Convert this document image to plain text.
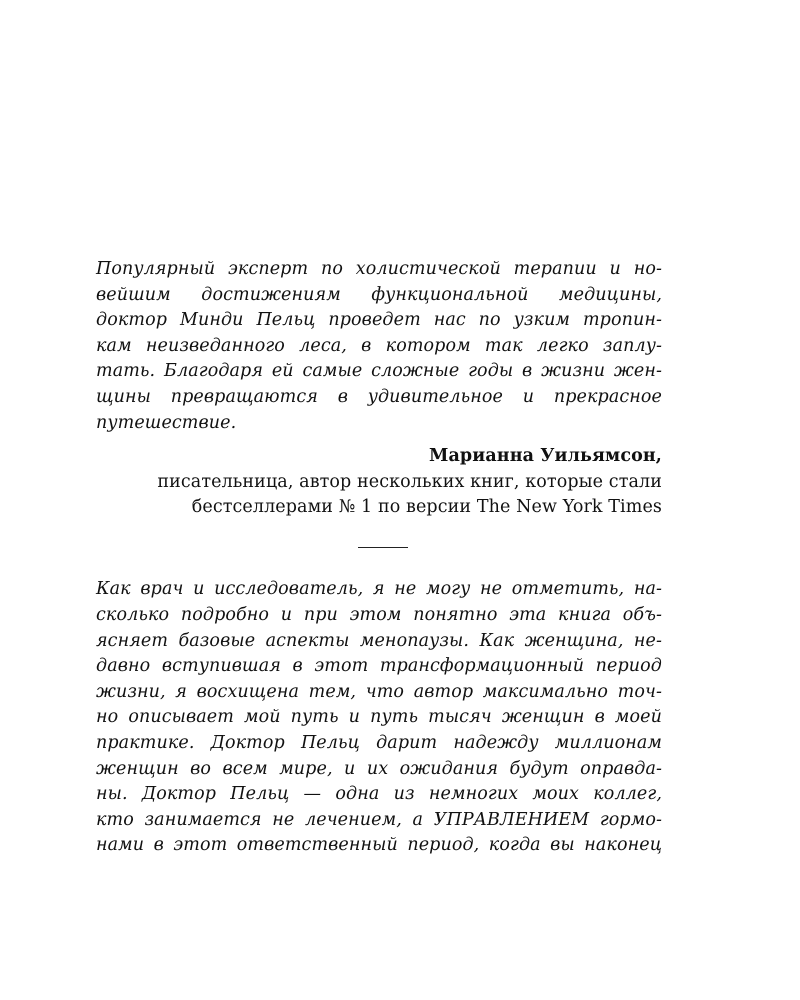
Популярный эксперт по холистической терапии и но-
вейшим достижениям функциональной медицины,
доктор Минди Пельц проведет нас по узким тропин-
кам неизведанного леса, в котором так легко заплу-
тать. Благодаря ей самые сложные годы в жизни жен-
щины превращаются в удивительное и прекрасное
путешествие.
Марианна Уильямсон,
писательница, автор нескольких книг, которые стали
бестселлерами № 1 по версии The New York Times
Как врач и исследователь, я не могу не отметить, на-
сколько подробно и при этом понятно эта книга объ-
ясняет базовые аспекты менопаузы. Как женщина, не-
давно вступившая в этот трансформационный период
жизни, я восхищена тем, что автор максимально точ-
но описывает мой путь и путь тысяч женщин в моей
практике. Доктор Пельц дарит надежду миллионам
женщин во всем мире, и их ожидания будут оправда-
ны. Доктор Пельц — одна из немногих моих коллег,
кто занимается не лечением, а УПРАВЛЕНИЕМ гормо-
нами в этот ответственный период, когда вы наконец
